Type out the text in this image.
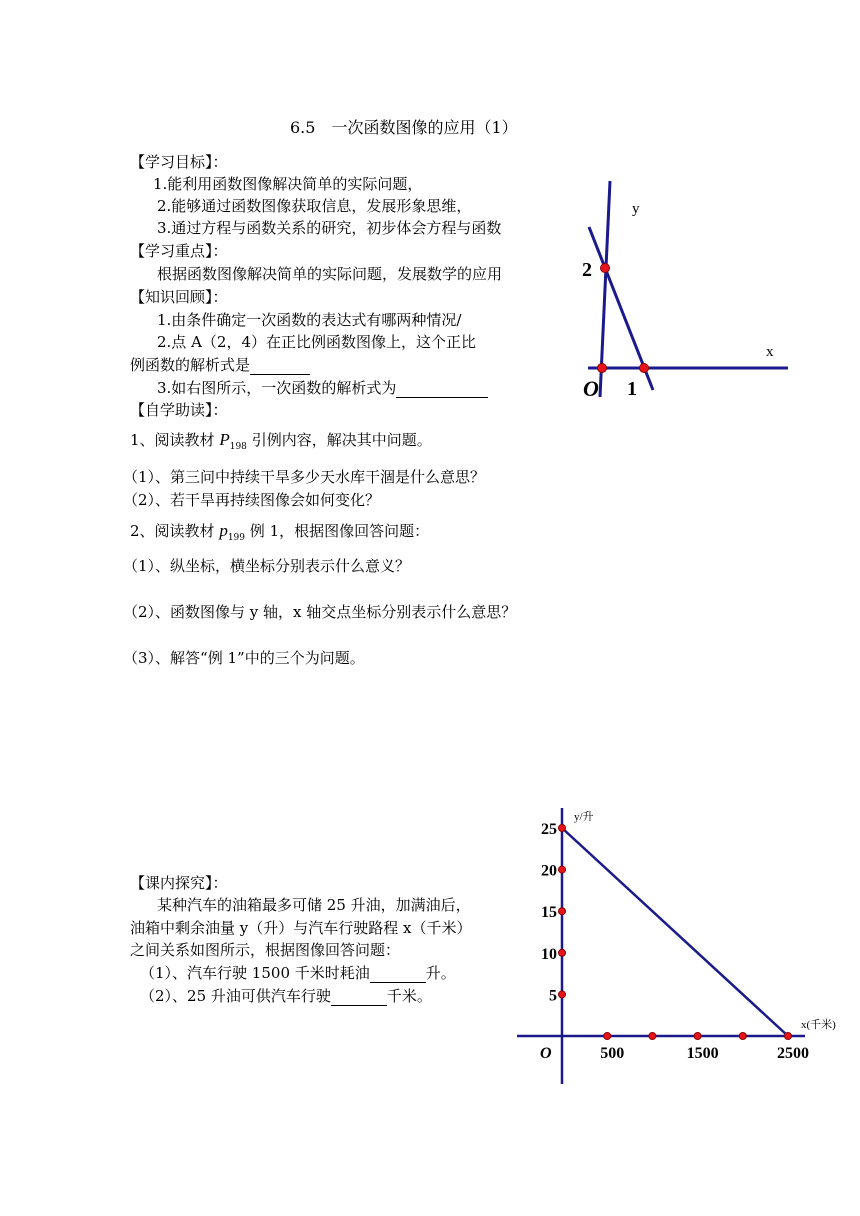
6.5　一次函数图像的应用（1）
【学习目标】：
1.能利用函数图像解决简单的实际问题，
2.能够通过函数图像获取信息，发展形象思维，
3.通过方程与函数关系的研究，初步体会方程与函数
【学习重点】：
根据函数图像解决简单的实际问题，发展数学的应用
【知识回顾】：
1.由条件确定一次函数的表达式有哪两种情况/
2.点 A（2，4）在正比例函数图像上，这个正比
例函数的解析式是
3.如右图所示，一次函数的解析式为
【自学助读】：
1、阅读教材 $P_{198}$ 引例内容，解决其中问题。
（1）、第三问中持续干旱多少天水库干涸是什么意思？
（2）、若干旱再持续图像会如何变化？
2、阅读教材 $p_{199}$ 例 1，根据图像回答问题：
（1）、纵坐标，横坐标分别表示什么意义？
（2）、函数图像与 y 轴，x 轴交点坐标分别表示什么意思？
（3）、解答“例 1”中的三个为问题。
【课内探究】：
某种汽车的油箱最多可储 25 升油，加满油后，
油箱中剩余油量 y（升）与汽车行驶路程 x（千米）
之间关系如图所示，根据图像回答问题：
（1）、汽车行驶 1500 千米时耗油	升。
（2）、25 升油可供汽车行驶	千米。
y
x
O
2
1
5
10
15
20
25
500	1500	2500
O
y/升
x(千米)
